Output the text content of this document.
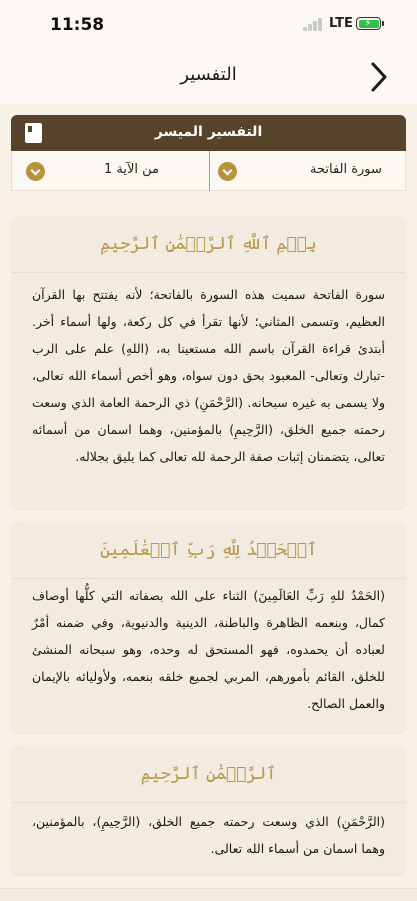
11:58	LTE ⚡
التفسير
التفسير الميسر
سورة الفاتحة
من الآية 1
بِسۡمِ ٱللَّهِ ٱلرَّحۡمَٰنِ ٱلرَّحِيمِ
سورة الفاتحة سميت هذه السورة بالفاتحة؛ لأنه يفتتح بها القرآن العظيم، وتسمى المثاني؛ لأنها تقرأ في كل ركعة، ولها أسماء أخر. أبتدئ قراءة القرآن باسم الله مستعينا به، (اللهِ) علم على الرب -تبارك وتعالى- المعبود بحق دون سواه، وهو أخص أسماء الله تعالى، ولا يسمى به غيره سبحانه. (الرَّحْمَنِ) ذي الرحمة العامة الذي وسعت رحمته جميع الخلق، (الرَّحِيمِ) بالمؤمنين، وهما اسمان من أسمائه تعالى، يتضمنان إثبات صفة الرحمة لله تعالى كما يليق بجلاله.
ٱلۡحَمۡدُ لِلَّهِ رَبِّ ٱلۡعَٰلَمِينَ
(الحَمْدُ للهِ رَبِّ العَالَمِينَ) الثناء على الله بصفاته التي كلُّها أوصاف كمال، وبنعمه الظاهرة والباطنة، الدينية والدنيوية، وفي ضمنه أمْرٌ لعباده أن يحمدوه، فهو المستحق له وحده، وهو سبحانه المنشئ للخلق، القائم بأمورهم، المربي لجميع خلقه بنعمه، ولأوليائه بالإيمان والعمل الصالح.
ٱلرَّحۡمَٰنِ ٱلرَّحِيمِ
(الرَّحْمَنِ) الذي وسعت رحمته جميع الخلق، (الرَّحِيمِ)، بالمؤمنين، وهما اسمان من أسماء الله تعالى.
